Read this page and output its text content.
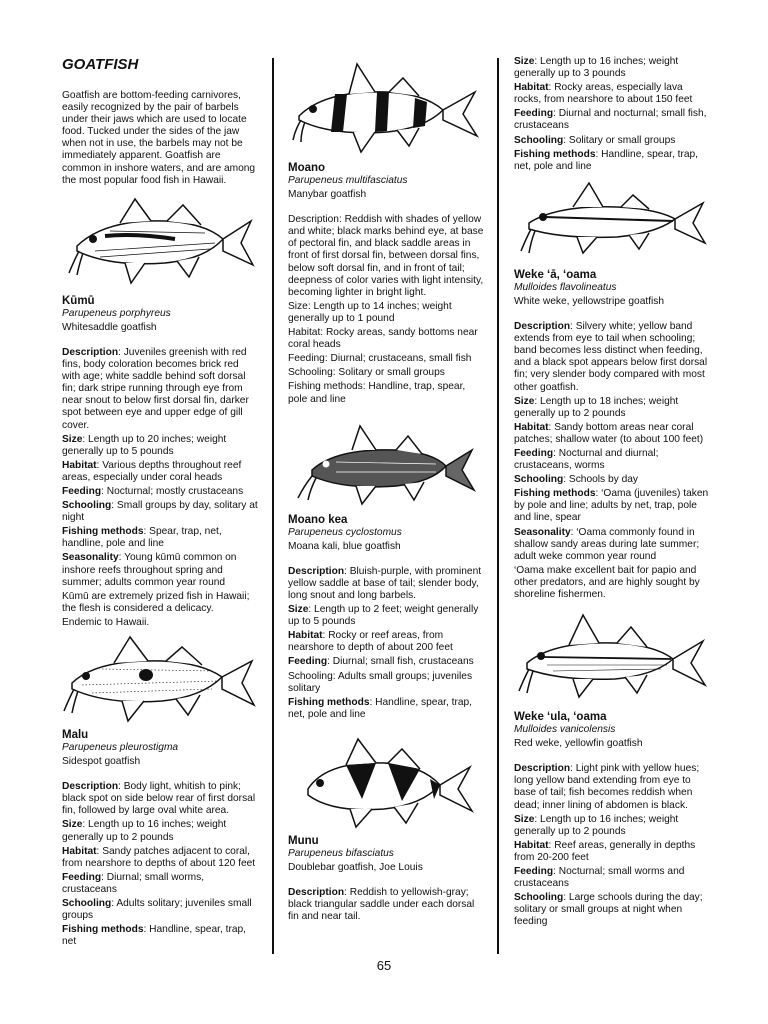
GOATFISH

Goatfish are bottom-feeding carnivores, easily recognized by the pair of barbels under their jaws which are used to locate food. Tucked under the sides of the jaw when not in use, the barbels may not be immediately apparent. Goatfish are common in inshore waters, and are among the most popular food fish in Hawaii.

Kūmū

Parupeneus porphyreus

Whitesaddle goatfish

Description: Juveniles greenish with red fins, body coloration becomes brick red with age; white saddle behind soft dorsal fin; dark stripe running through eye from near snout to below first dorsal fin, darker spot between eye and upper edge of gill cover.

Size: Length up to 20 inches; weight generally up to 5 pounds

Habitat: Various depths throughout reef areas, especially under coral heads

Feeding: Nocturnal; mostly crustaceans

Schooling: Small groups by day, solitary at night

Fishing methods: Spear, trap, net, handline, pole and line

Seasonality: Young kūmū common on inshore reefs throughout spring and summer; adults common year round

Kūmū are extremely prized fish in Hawaii; the flesh is considered a delicacy.

Endemic to Hawaii.

Malu

Parupeneus pleurostigma

Sidespot goatfish

Description: Body light, whitish to pink; black spot on side below rear of first dorsal fin, followed by large oval white area.

Size: Length up to 16 inches; weight generally up to 2 pounds

Habitat: Sandy patches adjacent to coral, from nearshore to depths of about 120 feet

Feeding: Diurnal; small worms, crustaceans

Schooling: Adults solitary; juveniles small groups

Fishing methods: Handline, spear, trap, net

Moano

Parupeneus multifasciatus

Manybar goatfish

Description: Reddish with shades of yellow and white; black marks behind eye, at base of pectoral fin, and black saddle areas in front of first dorsal fin, between dorsal fins, below soft dorsal fin, and in front of tail; deepness of color varies with light intensity, becoming lighter in bright light.

Size: Length up to 14 inches; weight generally up to 1 pound

Habitat: Rocky areas, sandy bottoms near coral heads

Feeding: Diurnal; crustaceans, small fish

Schooling: Solitary or small groups

Fishing methods: Handline, trap, spear, pole and line

Moano kea

Parupeneus cyclostomus

Moana kali, blue goatfish

Description: Bluish-purple, with prominent yellow saddle at base of tail; slender body, long snout and long barbels.

Size: Length up to 2 feet; weight generally up to 5 pounds

Habitat: Rocky or reef areas, from nearshore to depth of about 200 feet

Feeding: Diurnal; small fish, crustaceans

Schooling: Adults small groups; juveniles solitary

Fishing methods: Handline, spear, trap, net, pole and line

Munu

Parupeneus bifasciatus

Doublebar goatfish, Joe Louis

Description: Reddish to yellowish-gray; black triangular saddle under each dorsal fin and near tail.

Size: Length up to 16 inches; weight generally up to 3 pounds

Habitat: Rocky areas, especially lava rocks, from nearshore to about 150 feet

Feeding: Diurnal and nocturnal; small fish, crustaceans

Schooling: Solitary or small groups

Fishing methods: Handline, spear, trap, net, pole and line

Weke ‘ā, ‘oama

Mulloides flavolineatus

White weke, yellowstripe goatfish

Description: Silvery white; yellow band extends from eye to tail when schooling; band becomes less distinct when feeding, and a black spot appears below first dorsal fin; very slender body compared with most other goatfish.

Size: Length up to 18 inches; weight generally up to 2 pounds

Habitat: Sandy bottom areas near coral patches; shallow water (to about 100 feet)

Feeding: Nocturnal and diurnal; crustaceans, worms

Schooling: Schools by day

Fishing methods: ‘Oama (juveniles) taken by pole and line; adults by net, trap, pole and line, spear

Seasonality: ‘Oama commonly found in shallow sandy areas during late summer; adult weke common year round

‘Oama make excellent bait for papio and other predators, and are highly sought by shoreline fishermen.

Weke ‘ula, ‘oama

Mulloides vanicolensis

Red weke, yellowfin goatfish

Description: Light pink with yellow hues; long yellow band extending from eye to base of tail; fish becomes reddish when dead; inner lining of abdomen is black.

Size: Length up to 16 inches; weight generally up to 2 pounds

Habitat: Reef areas, generally in depths from 20-200 feet

Feeding: Nocturnal; small worms and crustaceans

Schooling: Large schools during the day; solitary or small groups at night when feeding

65
